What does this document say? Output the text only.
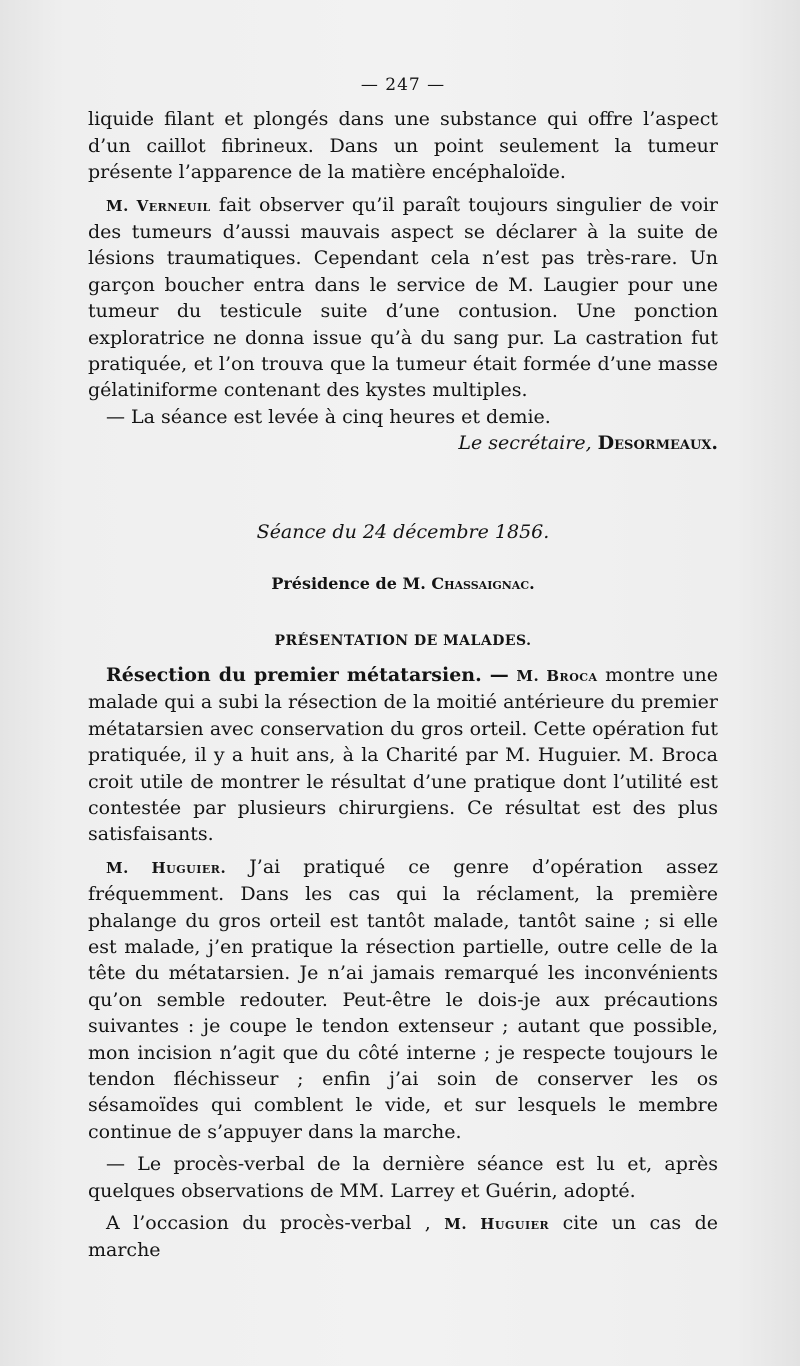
— 247 —

liquide filant et plongés dans une substance qui offre l’aspect d’un caillot fibrineux. Dans un point seulement la tumeur présente l’apparence de la matière encéphaloïde.

M. Verneuil fait observer qu’il paraît toujours singulier de voir des tumeurs d’aussi mauvais aspect se déclarer à la suite de lésions traumatiques. Cependant cela n’est pas très-rare. Un garçon boucher entra dans le service de M. Laugier pour une tumeur du testicule suite d’une contusion. Une ponction exploratrice ne donna issue qu’à du sang pur. La castration fut pratiquée, et l’on trouva que la tumeur était formée d’une masse gélatiniforme contenant des kystes multiples.

— La séance est levée à cinq heures et demie.

Le secrétaire, Desormeaux.

Séance du 24 décembre 1856.

Présidence de M. Chassaignac.

PRÉSENTATION DE MALADES.

Résection du premier métatarsien. — M. Broca montre une malade qui a subi la résection de la moitié antérieure du premier métatarsien avec conservation du gros orteil. Cette opération fut pratiquée, il y a huit ans, à la Charité par M. Huguier. M. Broca croit utile de montrer le résultat d’une pratique dont l’utilité est contestée par plusieurs chirurgiens. Ce résultat est des plus satisfaisants.

M. Huguier. J’ai pratiqué ce genre d’opération assez fréquemment. Dans les cas qui la réclament, la première phalange du gros orteil est tantôt malade, tantôt saine ; si elle est malade, j’en pratique la résection partielle, outre celle de la tête du métatarsien. Je n’ai jamais remarqué les inconvénients qu’on semble redouter. Peut-être le dois-je aux précautions suivantes : je coupe le tendon extenseur ; autant que possible, mon incision n’agit que du côté interne ; je respecte toujours le tendon fléchisseur ; enfin j’ai soin de conserver les os sésamoïdes qui comblent le vide, et sur lesquels le membre continue de s’appuyer dans la marche.

— Le procès-verbal de la dernière séance est lu et, après quelques observations de MM. Larrey et Guérin, adopté.

A l’occasion du procès-verbal , M. Huguier cite un cas de marche
